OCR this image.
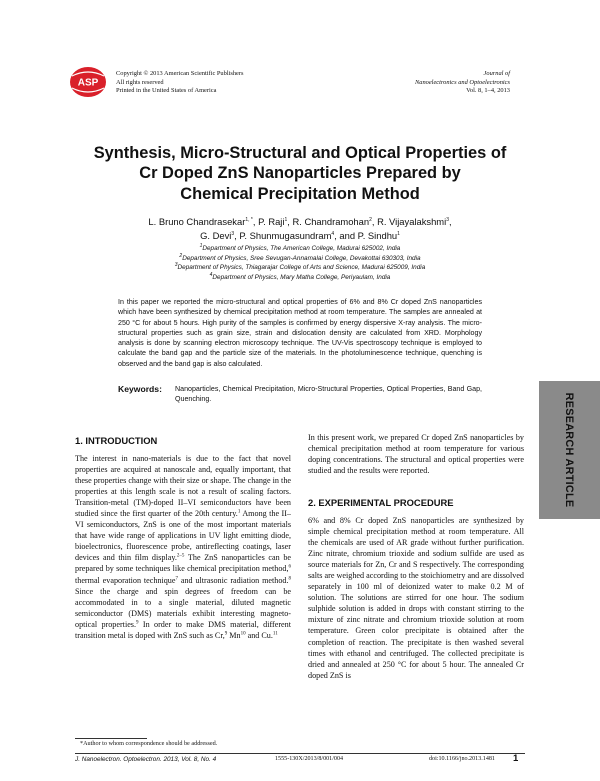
ASP
Copyright © 2013 American Scientific Publishers
All rights reserved
Printed in the United States of America
Journal of
Nanoelectronics and Optoelectronics
Vol. 8, 1–4, 2013
Synthesis, Micro-Structural and Optical Properties of
Cr Doped ZnS Nanoparticles Prepared by
Chemical Precipitation Method
L. Bruno Chandrasekar$^{1, *}$, P. Raji$^1$, R. Chandramohan$^2$, R. Vijayalakshmi$^3$,
G. Devi$^3$, P. Shunmugasundram$^4$, and P. Sindhu$^1$
$^1$Department of Physics, The American College, Madurai 625002, India
$^2$Department of Physics, Sree Sevugan-Annamalai College, Devakottai 630303, India
$^3$Department of Physics, Thiagarajar College of Arts and Science, Madurai 625009, India
$^4$Department of Physics, Mary Matha College, Periyaulam, India
In this paper we reported the micro-structural and optical properties of 6% and 8% Cr doped ZnS nanoparticles which have been synthesized by chemical precipitation method at room temperature. The samples are annealed at 250 °C for about 5 hours. High purity of the samples is confirmed by energy dispersive X-ray analysis. The micro-structural properties such as grain size, strain and dislocation density are calculated from XRD. Morphology analysis is done by scanning electron microscopy technique. The UV-Vis spectroscopy technique is employed to calculate the band gap and the particle size of the materials. In the photoluminescence technique, quenching is observed and the band gap is also calculated.
Keywords: Nanoparticles, Chemical Precipitation, Micro-Structural Properties, Optical Properties, Band Gap, Quenching.	RESEARCH ARTICLE
1. INTRODUCTION
The interest in nano-materials is due to the fact that novel properties are acquired at nanoscale and, equally important, that these properties change with their size or shape. The change in the properties at this length scale is not a result of scaling factors. Transition-metal (TM)-doped II–VI semiconductors have been studied since the first quarter of the 20th century.$^1$ Among the II–VI semiconductors, ZnS is one of the most important materials that have wide range of applications in UV light emitting diode, bioelectronics, fluorescence probe, antireflecting coatings, laser devices and thin film display.$^{2-5}$ The ZnS nanoparticles can be prepared by some techniques like chemical precipitation method,$^6$ thermal evaporation technique$^7$ and ultrasonic radiation method.$^8$ Since the charge and spin degrees of freedom can be accommodated in to a single material, diluted magnetic semiconductor (DMS) materials exhibit interesting magneto-optical properties.$^9$ In order to make DMS material, different transition metal is doped with ZnS such as Cr,$^9$ Mn$^{10}$ and Cu.$^{11}$
In this present work, we prepared Cr doped ZnS nanoparticles by chemical precipitation method at room temperature for various doping concentrations. The structural and optical properties were studied and the results were reported.
2. EXPERIMENTAL PROCEDURE
6% and 8% Cr doped ZnS nanoparticles are synthesized by simple chemical precipitation method at room temperature. All the chemicals are used of AR grade without further purification. Zinc nitrate, chromium trioxide and sodium sulfide are used as source materials for Zn, Cr and S respectively. The corresponding salts are weighed according to the stoichiometry and are dissolved separately in 100 ml of deionized water to make 0.2 M of solution. The solutions are stirred for one hour. The sodium sulphide solution is added in drops with constant stirring to the mixture of zinc nitrate and chromium trioxide solution at room temperature. Green color precipitate is obtained after the completion of reaction. The precipitate is then washed several times with ethanol and centrifuged. The collected precipitate is dried and annealed at 250 °C for about 5 hour. The annealed Cr doped ZnS is
*Author to whom correspondence should be addressed.
J. Nanoelectron. Optoelectron. 2013, Vol. 8, No. 4	1555-130X/2013/8/001/004	doi:10.1166/jno.2013.1481 1
